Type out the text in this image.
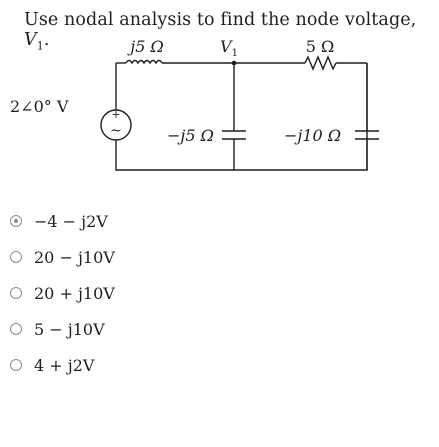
Use nodal analysis to find the node voltage, $V_1$.
+
~
2∠0° V
j5 Ω	$V_1$	5 Ω
−j5 Ω	−j10 Ω
−4 − j2V
20 − j10V
20 + j10V
5 − j10V
4 + j2V
